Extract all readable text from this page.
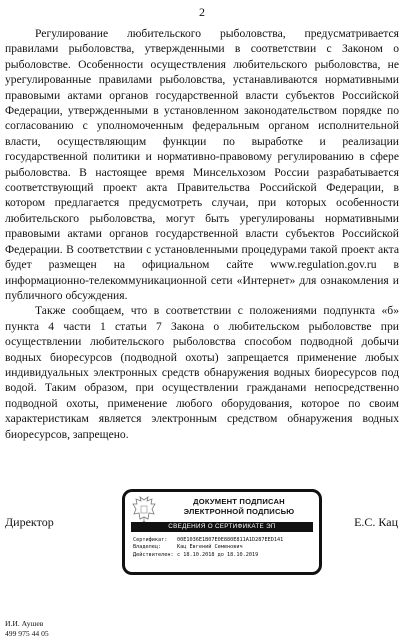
2

Регулирование любительского рыболовства, предусматривается правилами рыболовства, утвержденными в соответствии с Законом о рыболовстве. Особенности осуществления любительского рыболовства, не урегулированные правилами рыболовства, устанавливаются нормативными правовыми актами органов государственной власти субъектов Российской Федерации, утвержденными в установленном законодательством порядке по согласованию с уполномоченным федеральным органом исполнительной власти, осуществляющим функции по выработке и реализации государственной политики и нормативно-правовому регулированию в сфере рыболовства. В настоящее время Минсельхозом России разрабатывается соответствующий проект акта Правительства Российской Федерации, в котором предлагается предусмотреть случаи, при которых особенности любительского рыболовства, могут быть урегулированы нормативными правовыми актами органов государственной власти субъектов Российской Федерации. В соответствии с установленными процедурами такой проект акта будет размещен на официальном сайте www.regulation.gov.ru в информационно-телекоммуникационной сети «Интернет» для ознакомления и публичного обсуждения.

Также сообщаем, что в соответствии с положениями подпункта «б» пункта 4 части 1 статьи 7 Закона о любительском рыболовстве при осуществлении любительского рыболовства способом подводной добычи водных биоресурсов (подводной охоты) запрещается применение любых индивидуальных электронных средств обнаружения водных биоресурсов под водой. Таким образом, при осуществлении гражданами непосредственно подводной охоты, применение любого оборудования, которое по своим характеристикам является электронным средством обнаружения водных биоресурсов, запрещено.

Директор
ДОКУМЕНТ ПОДПИСАН
ЭЛЕКТРОННОЙ ПОДПИСЬЮ
СВЕДЕНИЯ О СЕРТИФИКАТЕ ЭП
Сертификат: 00E1036E1B07E0E880E811A1D287EED141
Владелец:	Кац Евгений Семенович
Действителен: с 18.10.2018 до 18.10.2019
Е.С. Кац
И.И. Аушев
499 975 44 05
